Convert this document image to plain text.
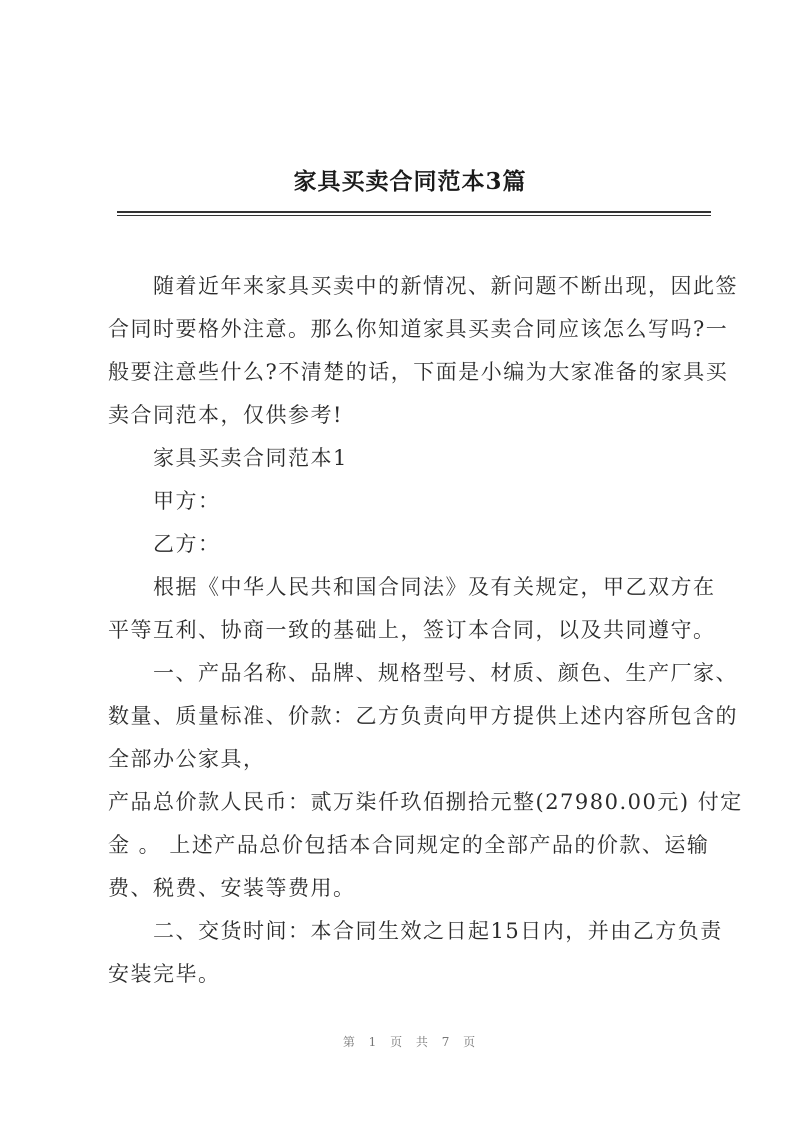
家具买卖合同范本3篇
　　随着近年来家具买卖中的新情况、新问题不断出现，因此签
合同时要格外注意。那么你知道家具买卖合同应该怎么写吗?一
般要注意些什么?不清楚的话，下面是小编为大家准备的家具买
卖合同范本，仅供参考!
　　家具买卖合同范本1
　　甲方：
　　乙方：
　　根据《中华人民共和国合同法》及有关规定，甲乙双方在
平等互利、协商一致的基础上，签订本合同，以及共同遵守。
　　一、产品名称、品牌、规格型号、材质、颜色、生产厂家、
数量、质量标准、价款：乙方负责向甲方提供上述内容所包含的
全部办公家具，
产品总价款人民币：贰万柒仟玖佰捌拾元整(27980.00元) 付定
金 。 上述产品总价包括本合同规定的全部产品的价款、运输
费、税费、安装等费用。
　　二、交货时间：本合同生效之日起15日内，并由乙方负责
安装完毕。
第 1 页 共 7 页
